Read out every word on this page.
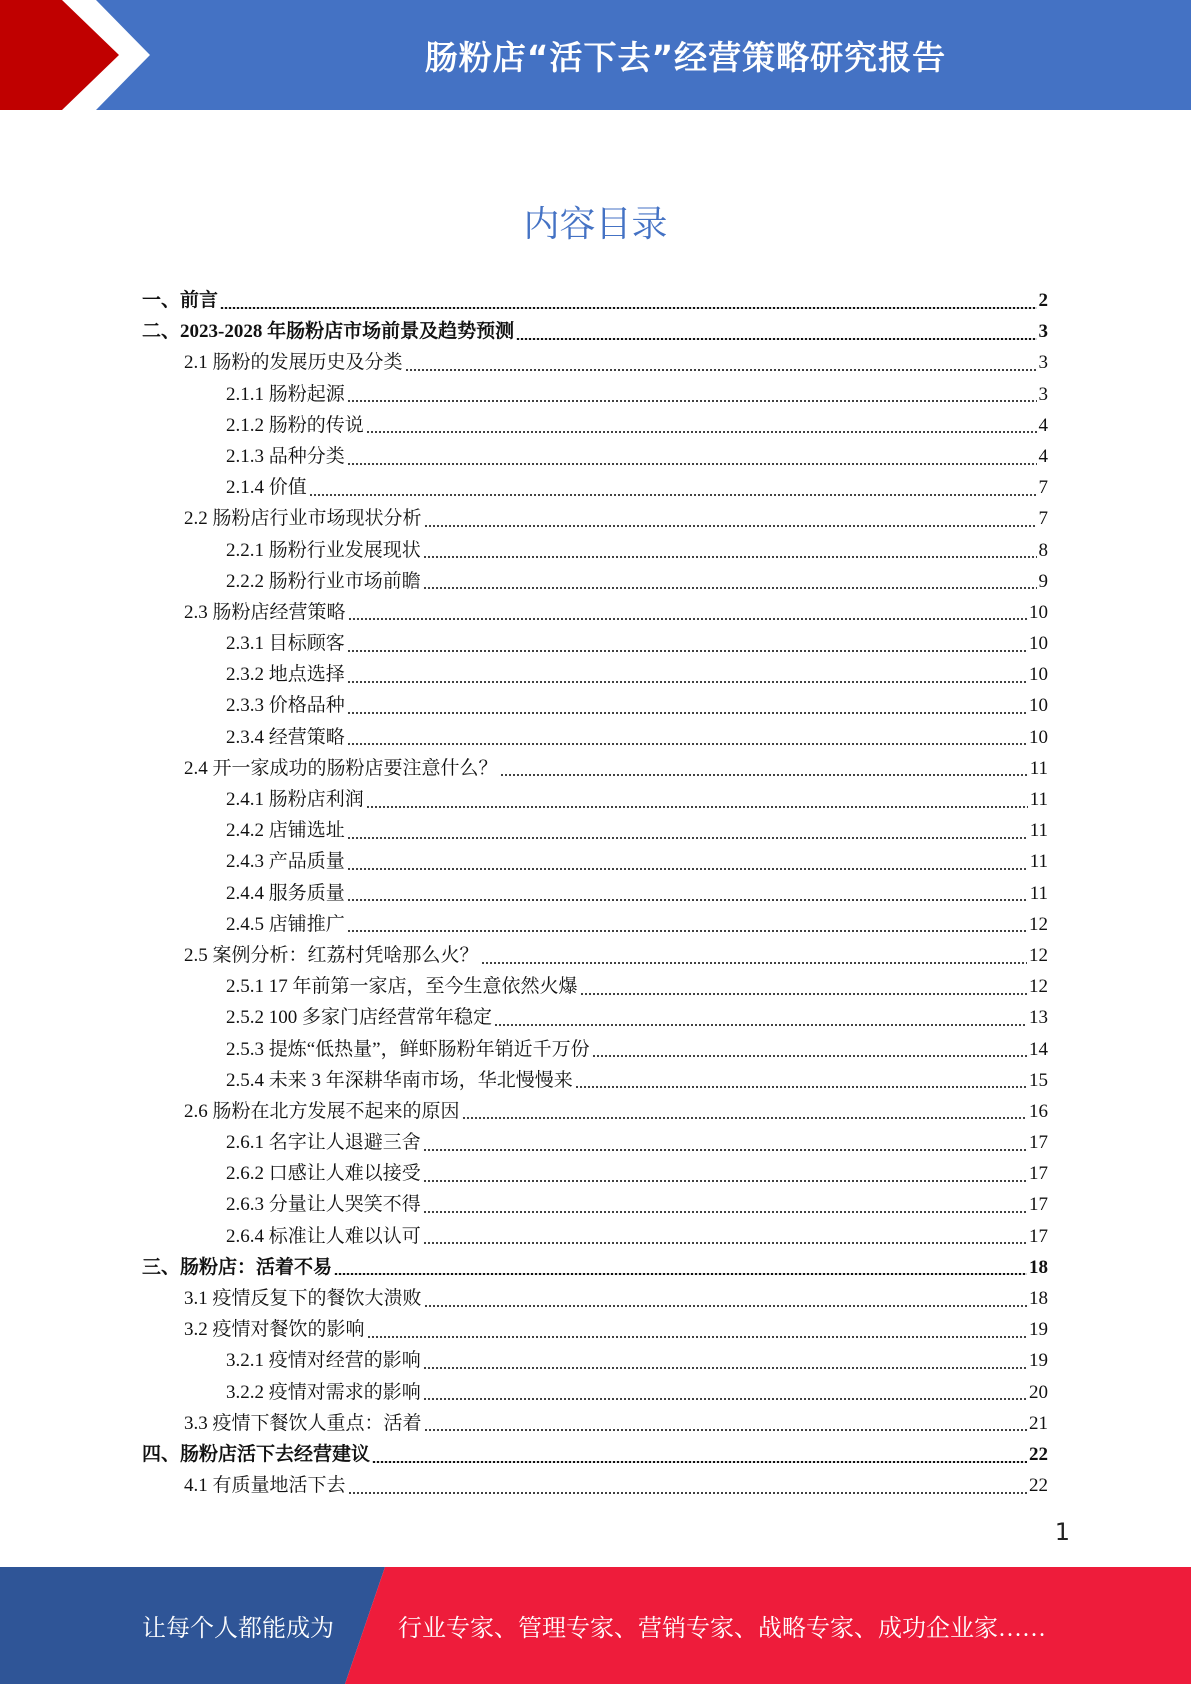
肠粉店“活下去”经营策略研究报告
内容目录
一、前言	2
二、2023-2028 年肠粉店市场前景及趋势预测	3
2.1 肠粉的发展历史及分类	3
2.1.1 肠粉起源	3
2.1.2 肠粉的传说	4
2.1.3 品种分类	4
2.1.4 价值	7
2.2 肠粉店行业市场现状分析	7
2.2.1 肠粉行业发展现状	8
2.2.2 肠粉行业市场前瞻	9
2.3 肠粉店经营策略	10
2.3.1 目标顾客	10
2.3.2 地点选择	10
2.3.3 价格品种	10
2.3.4 经营策略	10
2.4 开一家成功的肠粉店要注意什么？	11
2.4.1 肠粉店利润	11
2.4.2 店铺选址	11
2.4.3 产品质量	11
2.4.4 服务质量	11
2.4.5 店铺推广	12
2.5 案例分析：红荔村凭啥那么火？	12
2.5.1 17 年前第一家店，至今生意依然火爆	12
2.5.2 100 多家门店经营常年稳定	13
2.5.3 提炼“低热量”，鲜虾肠粉年销近千万份	14
2.5.4 未来 3 年深耕华南市场，华北慢慢来	15
2.6 肠粉在北方发展不起来的原因	16
2.6.1 名字让人退避三舍	17
2.6.2 口感让人难以接受	17
2.6.3 分量让人哭笑不得	17
2.6.4 标准让人难以认可	17
三、肠粉店：活着不易	18
3.1 疫情反复下的餐饮大溃败	18
3.2 疫情对餐饮的影响	19
3.2.1 疫情对经营的影响	19
3.2.2 疫情对需求的影响	20
3.3 疫情下餐饮人重点：活着	21
四、肠粉店活下去经营建议	22
4.1 有质量地活下去	22
1
让每个人都能成为	行业专家、管理专家、营销专家、战略专家、成功企业家……
